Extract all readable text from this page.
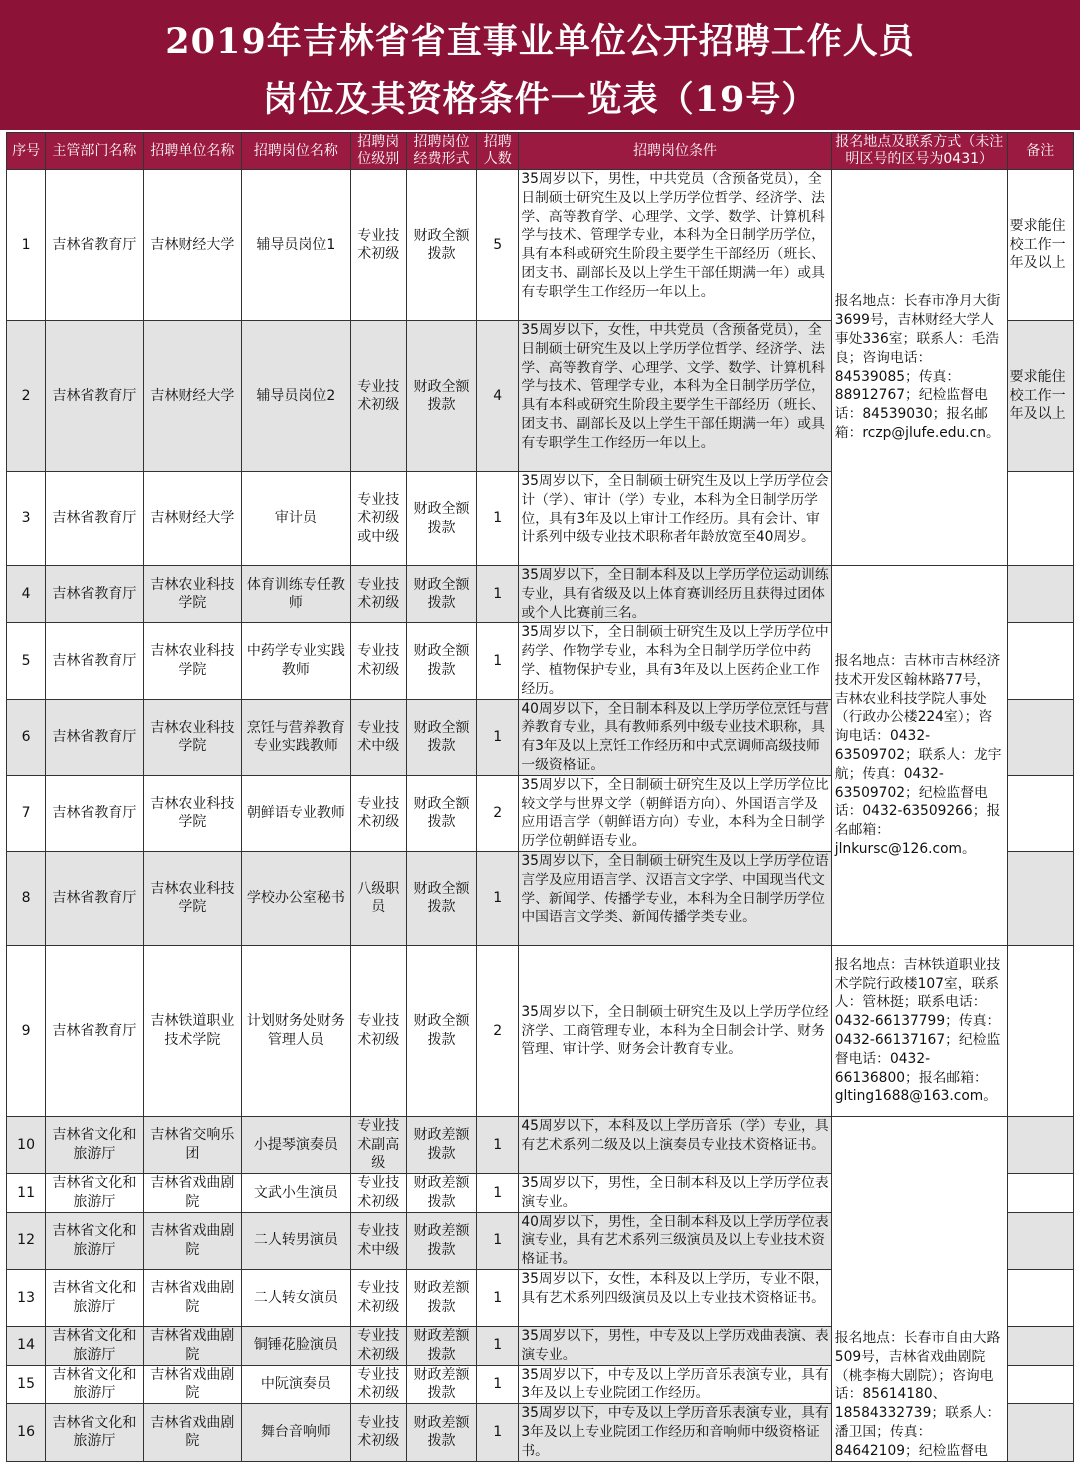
2019年吉林省省直事业单位公开招聘工作人员
岗位及其资格条件一览表（19号）
序号	主管部门名称	招聘单位名称	招聘岗位名称	招聘岗位级别	招聘岗位经费形式	招聘人数	招聘岗位条件	报名地点及联系方式（未注明区号的区号为0431）	备注
1	吉林省教育厅	吉林财经大学	辅导员岗位1	专业技术初级	财政全额拨款	5	35周岁以下，男性，中共党员（含预备党员），全日制硕士研究生及以上学历学位哲学、经济学、法学、高等教育学、心理学、文学、数学、计算机科学与技术、管理学专业，本科为全日制学历学位，具有本科或研究生阶段主要学生干部经历（班长、团支书、副部长及以上学生干部任期满一年）或具有专职学生工作经历一年以上。	报名地点：长春市净月大街3699号，吉林财经大学人事处336室；联系人：毛浩良；咨询电话：84539085；传真：88912767；纪检监督电话：84539030；报名邮箱：rczp@jlufe.edu.cn。	要求能住校工作一年及以上
2	吉林省教育厅	吉林财经大学	辅导员岗位2	专业技术初级	财政全额拨款	4	35周岁以下，女性，中共党员（含预备党员），全日制硕士研究生及以上学历学位哲学、经济学、法学、高等教育学、心理学、文学、数学、计算机科学与技术、管理学专业，本科为全日制学历学位，具有本科或研究生阶段主要学生干部经历（班长、团支书、副部长及以上学生干部任期满一年）或具有专职学生工作经历一年以上。		要求能住校工作一年及以上
3	吉林省教育厅	吉林财经大学	审计员	专业技术初级或中级	财政全额拨款	1	35周岁以下，全日制硕士研究生及以上学历学位会计（学）、审计（学）专业，本科为全日制学历学位，具有3年及以上审计工作经历。具有会计、审计系列中级专业技术职称者年龄放宽至40周岁。		
4	吉林省教育厅	吉林农业科技学院	体育训练专任教师	专业技术初级	财政全额拨款	1	35周岁以下，全日制本科及以上学历学位运动训练专业，具有省级及以上体育赛训经历且获得过团体或个人比赛前三名。	报名地点：吉林市吉林经济技术开发区翰林路77号，吉林农业科技学院人事处（行政办公楼224室）；咨询电话：0432-63509702；联系人：龙宇航；传真：0432-63509702；纪检监督电话：0432-63509266；报名邮箱：jlnkursc@126.com。	
5	吉林省教育厅	吉林农业科技学院	中药学专业实践教师	专业技术初级	财政全额拨款	1	35周岁以下，全日制硕士研究生及以上学历学位中药学、作物学专业，本科为全日制学历学位中药学、植物保护专业，具有3年及以上医药企业工作经历。		
6	吉林省教育厅	吉林农业科技学院	烹饪与营养教育专业实践教师	专业技术中级	财政全额拨款	1	40周岁以下，全日制本科及以上学历学位烹饪与营养教育专业，具有教师系列中级专业技术职称，具有3年及以上烹饪工作经历和中式烹调师高级技师一级资格证。		
7	吉林省教育厅	吉林农业科技学院	朝鲜语专业教师	专业技术初级	财政全额拨款	2	35周岁以下，全日制硕士研究生及以上学历学位比较文学与世界文学（朝鲜语方向）、外国语言学及应用语言学（朝鲜语方向）专业，本科为全日制学历学位朝鲜语专业。		
8	吉林省教育厅	吉林农业科技学院	学校办公室秘书	八级职员	财政全额拨款	1	35周岁以下，全日制硕士研究生及以上学历学位语言学及应用语言学、汉语言文字学、中国现当代文学、新闻学、传播学专业，本科为全日制学历学位中国语言文学类、新闻传播学类专业。		
9	吉林省教育厅	吉林铁道职业技术学院	计划财务处财务管理人员	专业技术初级	财政全额拨款	2	35周岁以下，全日制硕士研究生及以上学历学位经济学、工商管理专业，本科为全日制会计学、财务管理、审计学、财务会计教育专业。	报名地点：吉林铁道职业技术学院行政楼107室，联系人：管林挺；联系电话：0432-66137799；传真：0432-66137167；纪检监督电话：0432-66136800；报名邮箱：glting1688@163.com。	
10	吉林省文化和旅游厅	吉林省交响乐团	小提琴演奏员	专业技术副高级	财政差额拨款	1	45周岁以下，本科及以上学历音乐（学）专业，具有艺术系列二级及以上演奏员专业技术资格证书。	报名地点：长春市自由大路509号，吉林省戏曲剧院（桃李梅大剧院）；咨询电话：85614180、18584332739；联系人：潘卫国；传真：84642109；纪检监督电	
11	吉林省文化和旅游厅	吉林省戏曲剧院	文武小生演员	专业技术初级	财政差额拨款	1	35周岁以下，男性，全日制本科及以上学历学位表演专业。		
12	吉林省文化和旅游厅	吉林省戏曲剧院	二人转男演员	专业技术中级	财政差额拨款	1	40周岁以下，男性，全日制本科及以上学历学位表演专业，具有艺术系列三级演员及以上专业技术资格证书。		
13	吉林省文化和旅游厅	吉林省戏曲剧院	二人转女演员	专业技术初级	财政差额拨款	1	35周岁以下，女性，本科及以上学历，专业不限，具有艺术系列四级演员及以上专业技术资格证书。		
14	吉林省文化和旅游厅	吉林省戏曲剧院	铜锤花脸演员	专业技术初级	财政差额拨款	1	35周岁以下，男性，中专及以上学历戏曲表演、表演专业。		
15	吉林省文化和旅游厅	吉林省戏曲剧院	中阮演奏员	专业技术初级	财政差额拨款	1	35周岁以下，中专及以上学历音乐表演专业，具有3年及以上专业院团工作经历。		
16	吉林省文化和旅游厅	吉林省戏曲剧院	舞台音响师	专业技术初级	财政差额拨款	1	35周岁以下，中专及以上学历音乐表演专业，具有3年及以上专业院团工作经历和音响师中级资格证书。		
